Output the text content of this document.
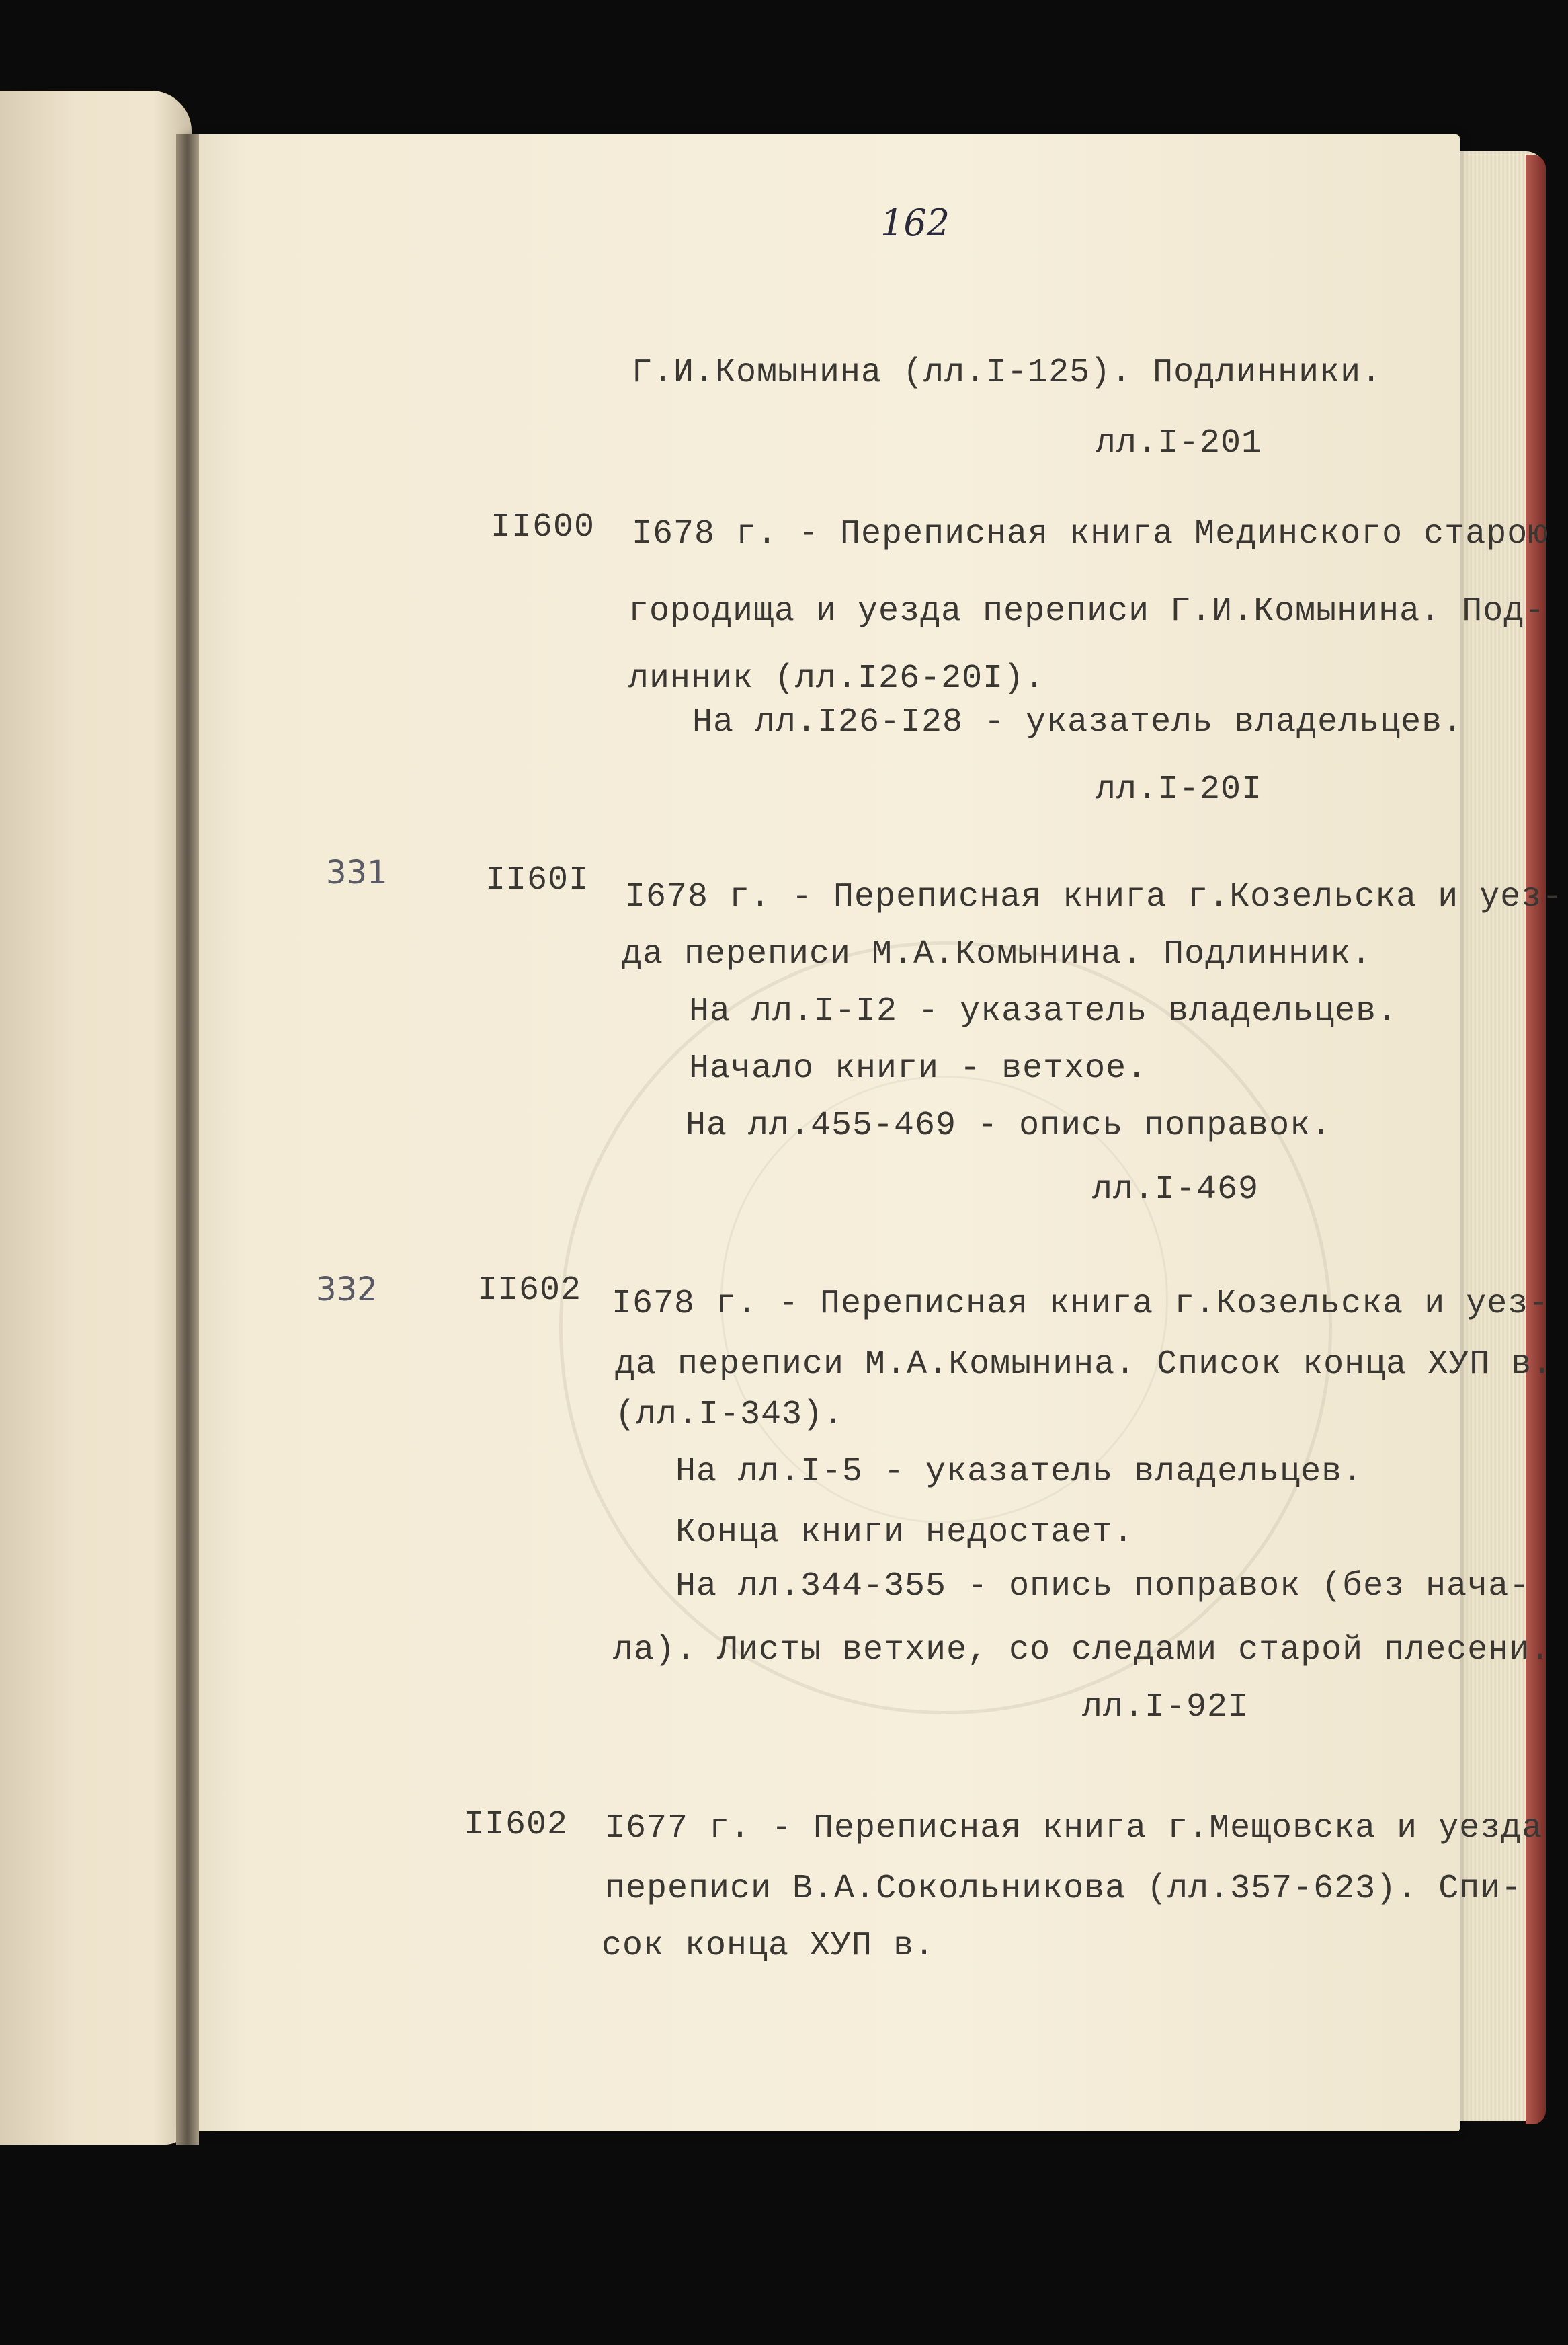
162
Г.И.Комынина (лл.I-125). Подлинники.
лл.I-201
II600 I678 г. - Переписная книга Мединского старою
городища и уезда переписи Г.И.Комынина. Под-
линник (лл.I26-20I).
На лл.I26-I28 - указатель владельцев.
лл.I-20I
331	II60I I678 г. - Переписная книга г.Козельска и уез-
да переписи М.А.Комынина. Подлинник.
На лл.I-I2 - указатель владельцев.
Начало книги - ветхое.
На лл.455-469 - опись поправок.
лл.I-469
332	II602 I678 г. - Переписная книга г.Козельска и уез-
да переписи М.А.Комынина. Список конца ХУП в.
(лл.I-343).
На лл.I-5 - указатель владельцев.
Конца книги недостает.
На лл.344-355 - опись поправок (без нача-
ла). Листы ветхие, со следами старой плесени.
лл.I-92I
II602 I677 г. - Переписная книга г.Мещовска и уезда
переписи В.А.Сокольникова (лл.357-623). Спи-
сок конца ХУП в.
